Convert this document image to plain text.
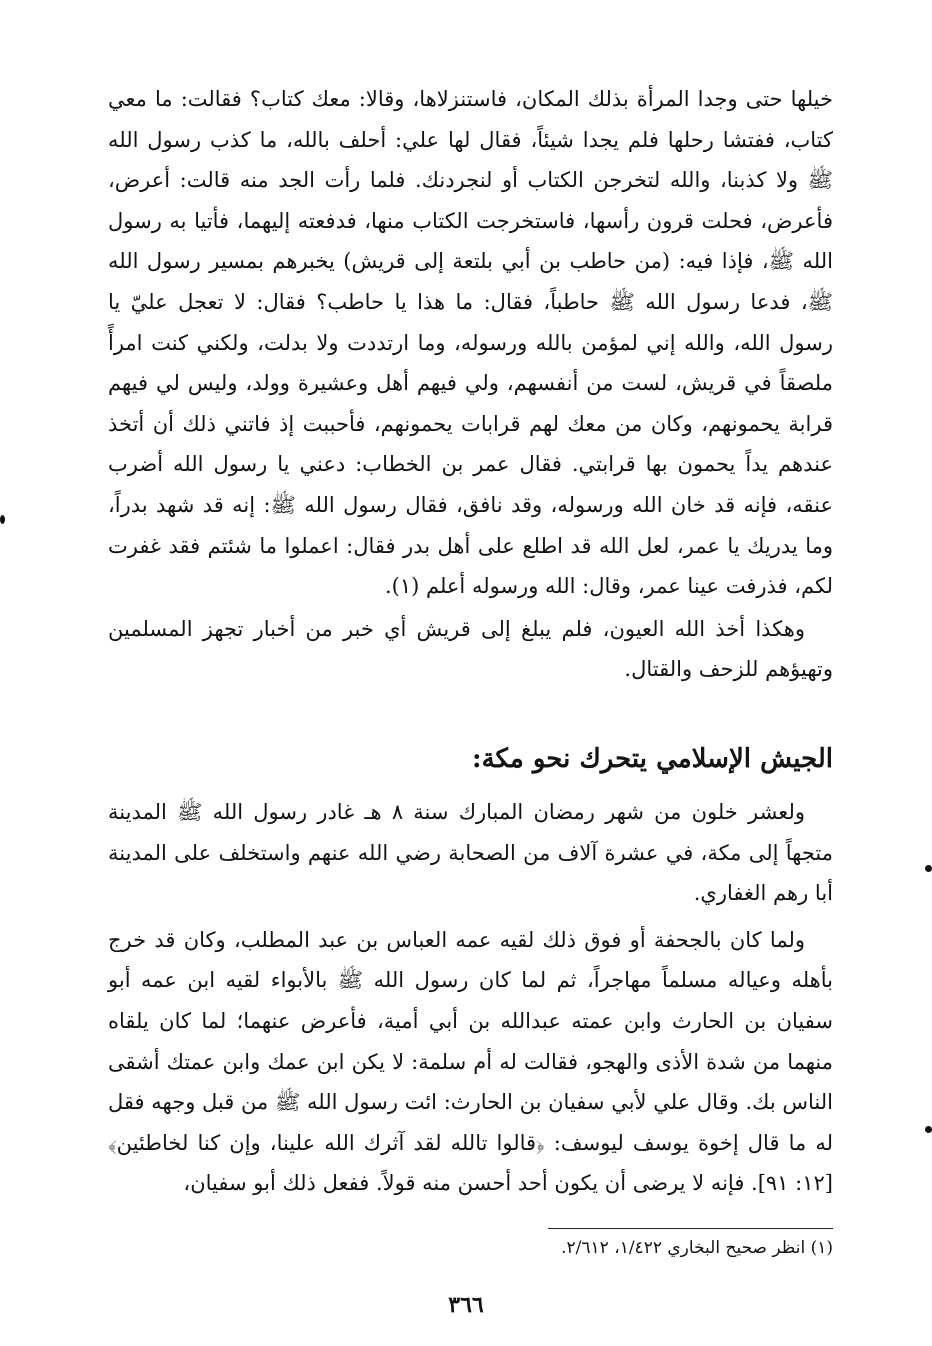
خيلها حتى وجدا المرأة بذلك المكان، فاستنزلاها، وقالا: معك كتاب؟ فقالت: ما معي كتاب، ففتشا رحلها فلم يجدا شيئاً، فقال لها علي: أحلف بالله، ما كذب رسول الله ﷺ ولا كذبنا، والله لتخرجن الكتاب أو لنجردنك. فلما رأت الجد منه قالت: أعرض، فأعرض، فحلت قرون رأسها، فاستخرجت الكتاب منها، فدفعته إليهما، فأتيا به رسول الله ﷺ، فإذا فيه: (من حاطب بن أبي بلتعة إلى قريش) يخبرهم بمسير رسول الله ﷺ، فدعا رسول الله ﷺ حاطباً، فقال: ما هذا يا حاطب؟ فقال: لا تعجل عليّ يا رسول الله، والله إني لمؤمن بالله ورسوله، وما ارتددت ولا بدلت، ولكني كنت امرأً ملصقاً في قريش، لست من أنفسهم، ولي فيهم أهل وعشيرة وولد، وليس لي فيهم قرابة يحمونهم، وكان من معك لهم قرابات يحمونهم، فأحببت إذ فاتني ذلك أن أتخذ عندهم يداً يحمون بها قرابتي. فقال عمر بن الخطاب: دعني يا رسول الله أضرب عنقه، فإنه قد خان الله ورسوله، وقد نافق، فقال رسول الله ﷺ: إنه قد شهد بدراً، وما يدريك يا عمر، لعل الله قد اطلع على أهل بدر فقال: اعملوا ما شئتم فقد غفرت لكم، فذرفت عينا عمر، وقال: الله ورسوله أعلم (١).

وهكذا أخذ الله العيون، فلم يبلغ إلى قريش أي خبر من أخبار تجهز المسلمين وتهيؤهم للزحف والقتال.

الجيش الإسلامي يتحرك نحو مكة:

ولعشر خلون من شهر رمضان المبارك سنة ٨ هـ غادر رسول الله ﷺ المدينة متجهاً إلى مكة، في عشرة آلاف من الصحابة رضي الله عنهم واستخلف على المدينة أبا رهم الغفاري.

ولما كان بالجحفة أو فوق ذلك لقيه عمه العباس بن عبد المطلب، وكان قد خرج بأهله وعياله مسلماً مهاجراً، ثم لما كان رسول الله ﷺ بالأبواء لقيه ابن عمه أبو سفيان بن الحارث وابن عمته عبدالله بن أبي أمية، فأعرض عنهما؛ لما كان يلقاه منهما من شدة الأذى والهجو، فقالت له أم سلمة: لا يكن ابن عمك وابن عمتك أشقى الناس بك. وقال علي لأبي سفيان بن الحارث: ائت رسول الله ﷺ من قبل وجهه فقل له ما قال إخوة يوسف ليوسف: ﴿قالوا تالله لقد آثرك الله علينا، وإن كنا لخاطئين﴾ [١٢: ٩١]. فإنه لا يرضى أن يكون أحد أحسن منه قولاً. ففعل ذلك أبو سفيان،

(١) انظر صحيح البخاري ١/٤٢٢، ٢/٦١٢.

٣٦٦
